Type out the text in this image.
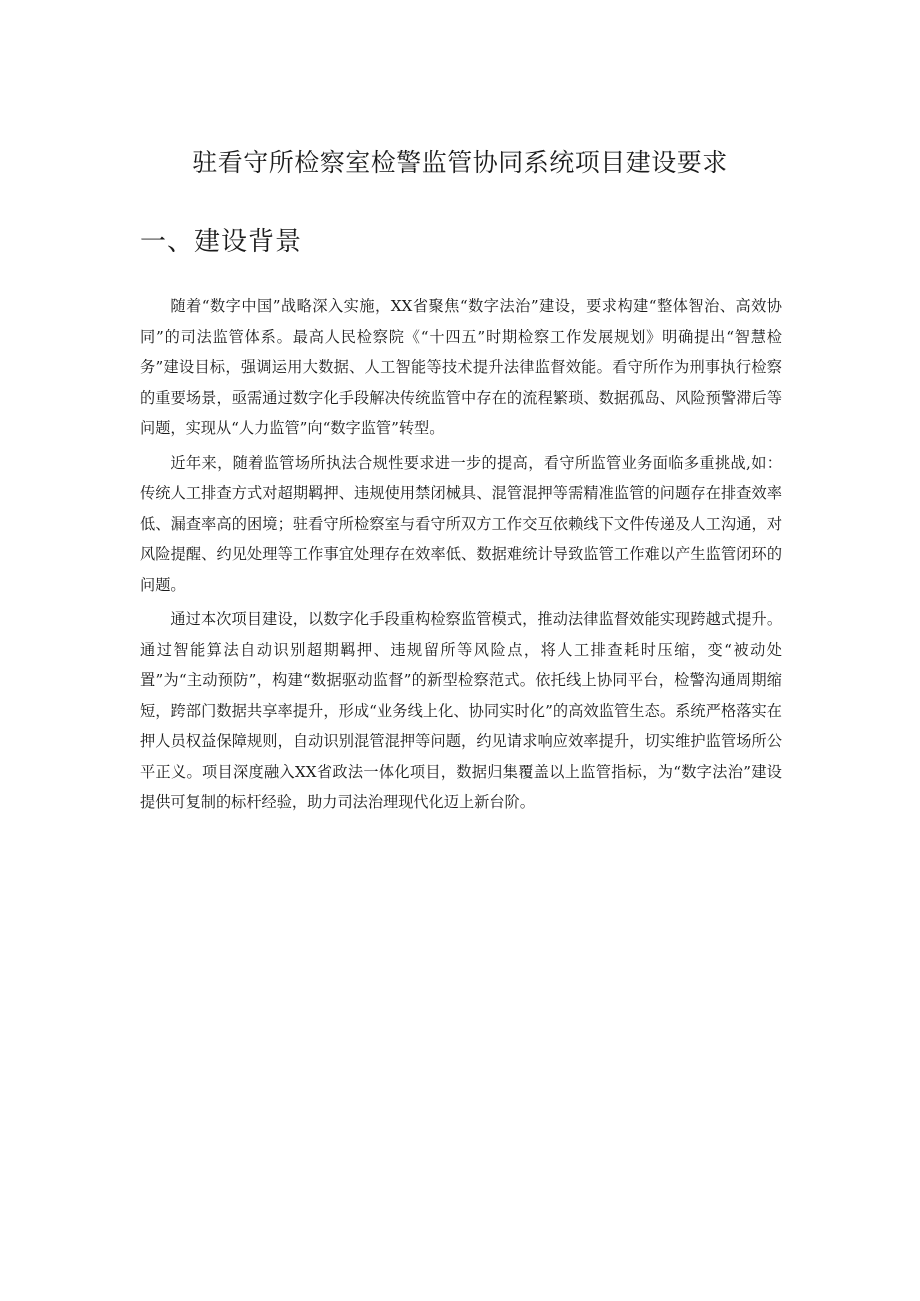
驻看守所检察室检警监管协同系统项目建设要求
一、建设背景

随着“数字中国”战略深入实施，XX省聚焦“数字法治”建设，要求构建“整体智治、高效协同”的司法监管体系。最高人民检察院《“十四五”时期检察工作发展规划》明确提出“智慧检务”建设目标，强调运用大数据、人工智能等技术提升法律监督效能。看守所作为刑事执行检察的重要场景，亟需通过数字化手段解决传统监管中存在的流程繁琐、数据孤岛、风险预警滞后等问题，实现从“人力监管”向“数字监管”转型。

近年来，随着监管场所执法合规性要求进一步的提高，看守所监管业务面临多重挑战,如：传统人工排查方式对超期羁押、违规使用禁闭械具、混管混押等需精准监管的问题存在排查效率低、漏查率高的困境；驻看守所检察室与看守所双方工作交互依赖线下文件传递及人工沟通，对风险提醒、约见处理等工作事宜处理存在效率低、数据难统计导致监管工作难以产生监管闭环的问题。

通过本次项目建设，以数字化手段重构检察监管模式，推动法律监督效能实现跨越式提升。通过智能算法自动识别超期羁押、违规留所等风险点，将人工排查耗时压缩，变“被动处置”为“主动预防”，构建“数据驱动监督”的新型检察范式。依托线上协同平台，检警沟通周期缩短，跨部门数据共享率提升，形成“业务线上化、协同实时化”的高效监管生态。系统严格落实在押人员权益保障规则，自动识别混管混押等问题，约见请求响应效率提升，切实维护监管场所公平正义。项目深度融入XX省政法一体化项目，数据归集覆盖以上监管指标，为“数字法治”建设提供可复制的标杆经验，助力司法治理现代化迈上新台阶。
